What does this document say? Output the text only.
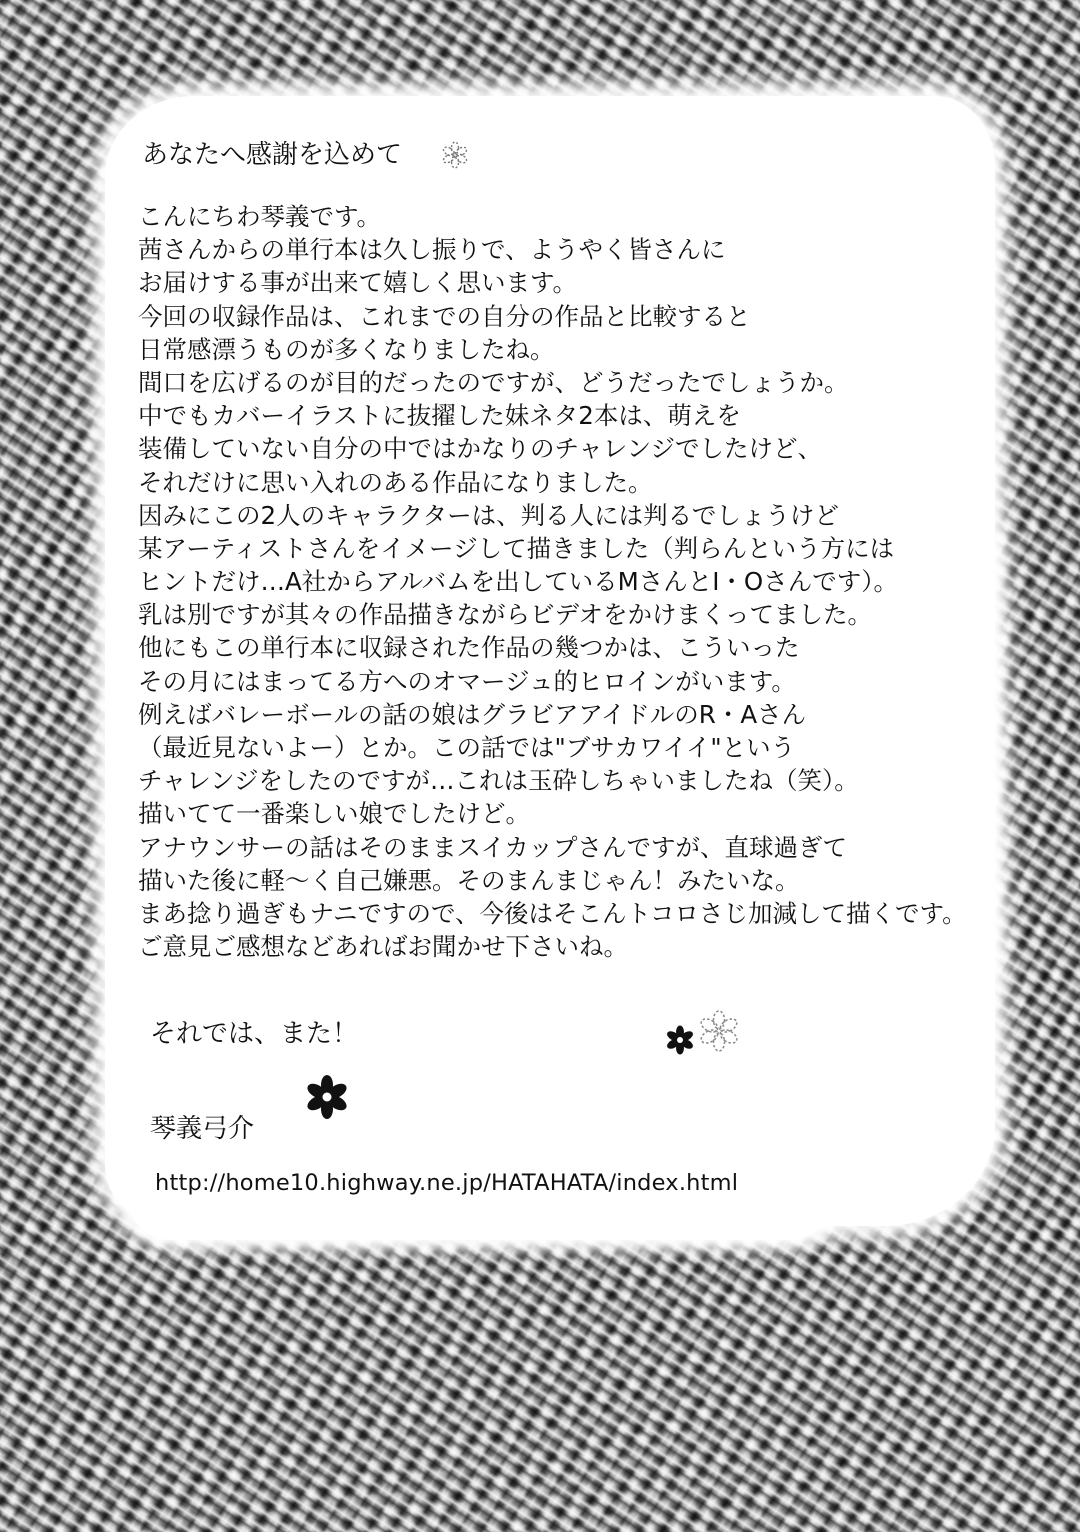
あなたへ感謝を込めて
こんにちわ琴義です。
茜さんからの単行本は久し振りで、ようやく皆さんに
お届けする事が出来て嬉しく思います。
今回の収録作品は、これまでの自分の作品と比較すると
日常感漂うものが多くなりましたね。
間口を広げるのが目的だったのですが、どうだったでしょうか。
中でもカバーイラストに抜擢した妹ネタ2本は、萌えを
装備していない自分の中ではかなりのチャレンジでしたけど、
それだけに思い入れのある作品になりました。
因みにこの2人のキャラクターは、判る人には判るでしょうけど
某アーティストさんをイメージして描きました（判らんという方には
ヒントだけ…A社からアルバムを出しているMさんとI・Oさんです）。
乳は別ですが其々の作品描きながらビデオをかけまくってました。
他にもこの単行本に収録された作品の幾つかは、こういった
その月にはまってる方へのオマージュ的ヒロインがいます。
例えばバレーボールの話の娘はグラビアアイドルのR・Aさん
（最近見ないよー）とか。この話では"ブサカワイイ"という
チャレンジをしたのですが…これは玉砕しちゃいましたね（笑）。
描いてて一番楽しい娘でしたけど。
アナウンサーの話はそのままスイカップさんですが、直球過ぎて
描いた後に軽～く自己嫌悪。そのまんまじゃん！みたいな。
まあ捻り過ぎもナニですので、今後はそこんトコロさじ加減して描くです。
ご意見ご感想などあればお聞かせ下さいね。
それでは、また！
琴義弓介
http://home10.highway.ne.jp/HATAHATA/index.html
